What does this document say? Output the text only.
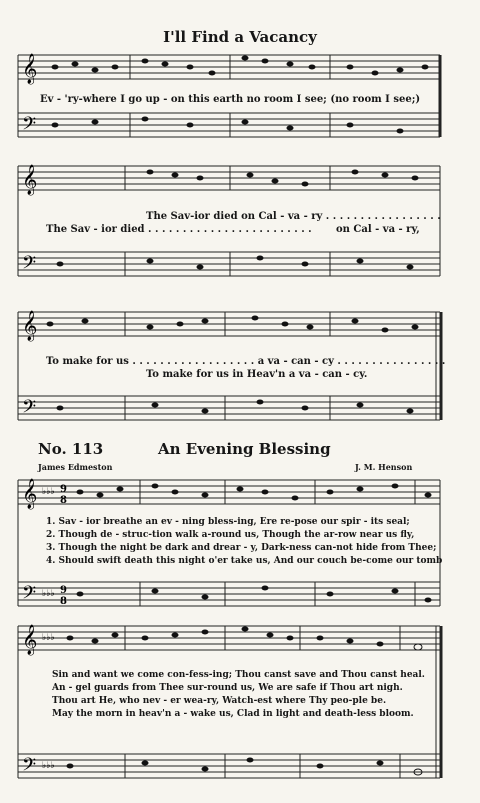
I'll Find a Vacancy
𝄞
𝄢
Ev - 'ry-where I go up - on this earth no room I see; (no room I see;)
𝄞
𝄢
The Sav-ior died on Cal - va - ry . . . . . . . . . . . . . . . . .
The Sav - ior died . . . . . . . . . . . . . . . . . . . . . . . . on Cal - va - ry,
𝄞
𝄢
To make for us . . . . . . . . . . . . . . . . . . a va - can - cy . . . . . . . . . . . . . . . .
To make for us in Heav'n a va - can - cy.
No. 113	An Evening Blessing
James Edmeston	J. M. Henson
𝄞
𝄢
♭♭♭ 9
8
♭♭♭ 9
8
1. Sav - ior breathe an ev - ning bless-ing, Ere re-pose our spir - its seal;
2. Though de - struc-tion walk a-round us, Though the ar-row near us fly,
3. Though the night be dark and drear - y, Dark-ness can-not hide from Thee;
4. Should swift death this night o'er take us, And our couch be-come our tomb
𝄞
𝄢
♭♭♭
♭♭♭
Sin and want we come con-fess-ing; Thou canst save and Thou canst heal.
An - gel guards from Thee sur-round us, We are safe if Thou art nigh.
Thou art He, who nev - er wea-ry, Watch-est where Thy peo-ple be.
May the morn in heav'n a - wake us, Clad in light and death-less bloom.
